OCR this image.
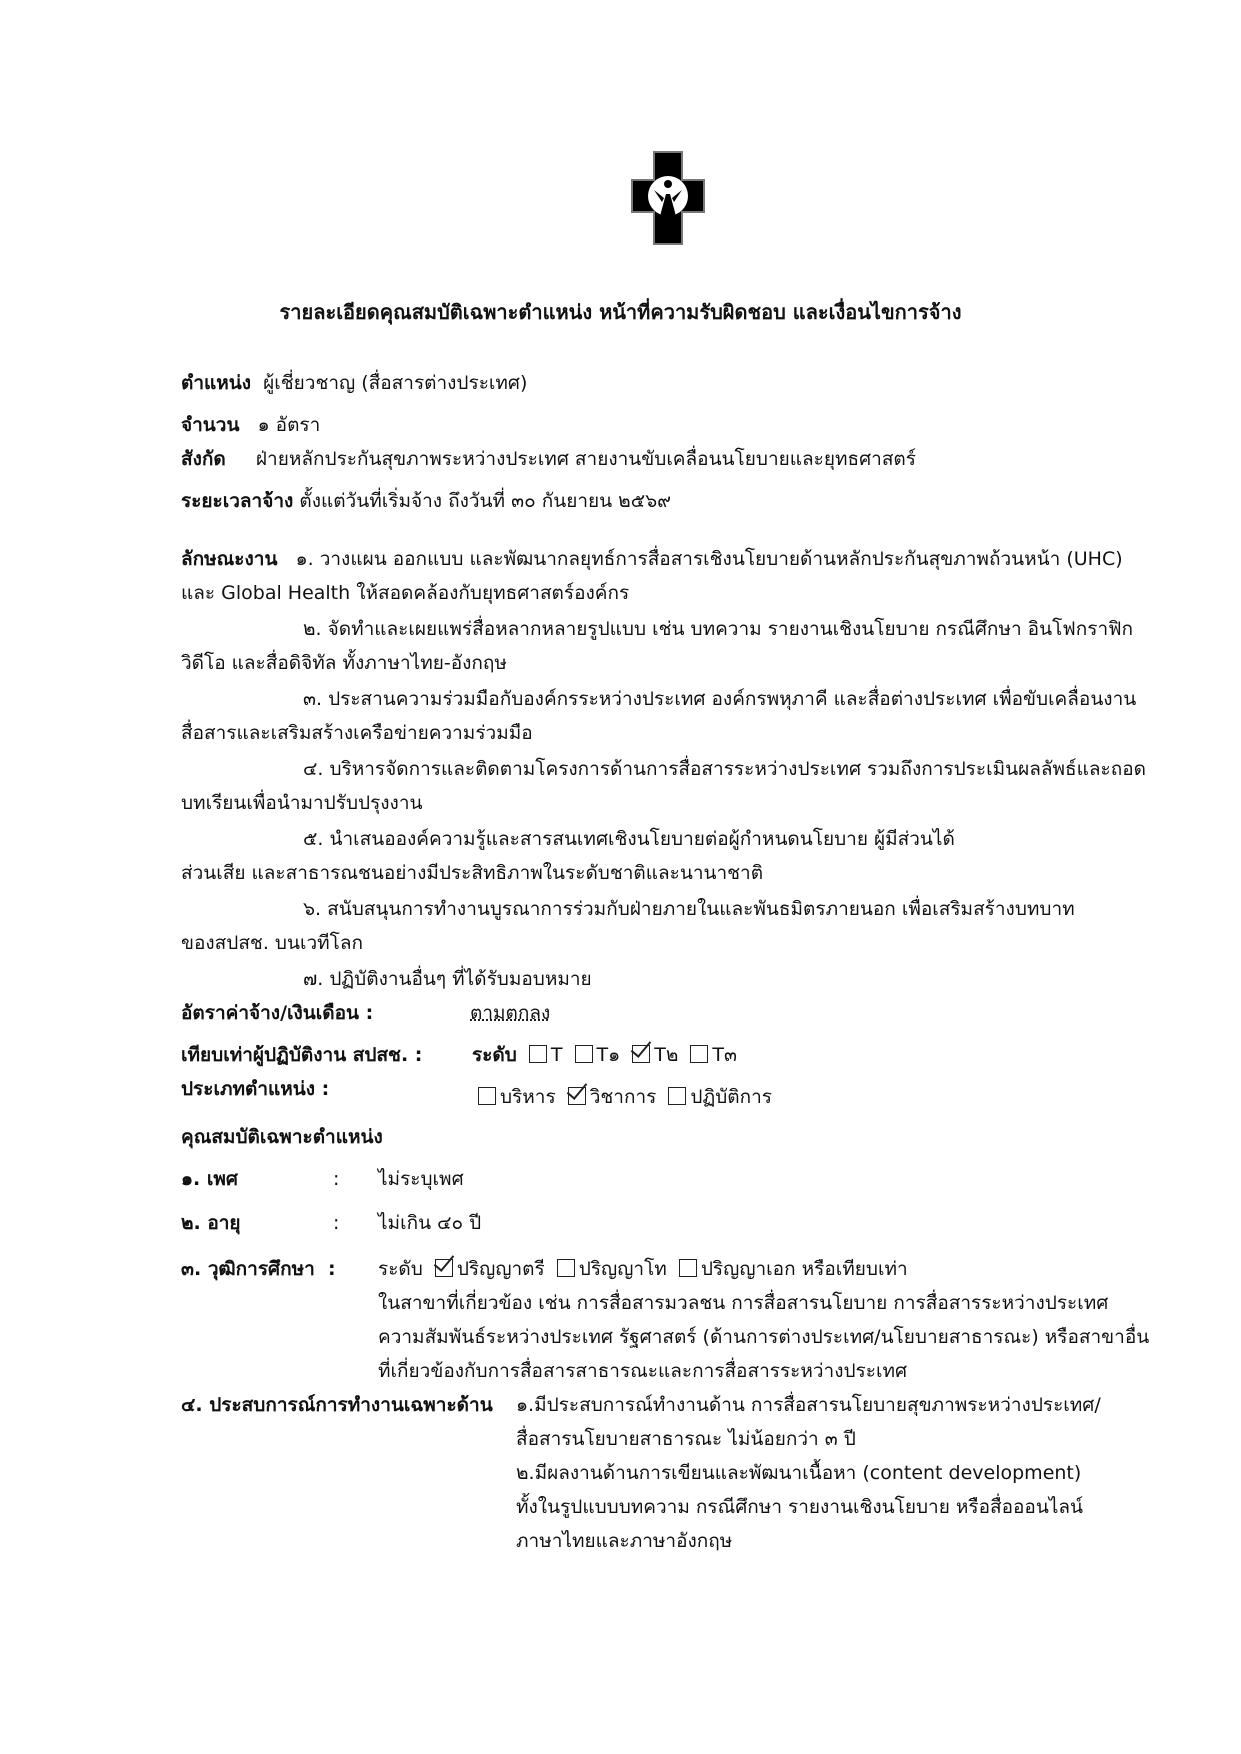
รายละเอียดคุณสมบัติเฉพาะตำแหน่ง หน้าที่ความรับผิดชอบ และเงื่อนไขการจ้าง
ตำแหน่ง ผู้เชี่ยวชาญ (สื่อสารต่างประเทศ)
จำนวน ๑ อัตรา
สังกัด ฝ่ายหลักประกันสุขภาพระหว่างประเทศ สายงานขับเคลื่อนนโยบายและยุทธศาสตร์
ระยะเวลาจ้าง ตั้งแต่วันที่เริ่มจ้าง ถึงวันที่ ๓๐ กันยายน ๒๕๖๙
ลักษณะงาน ๑. วางแผน ออกแบบ และพัฒนากลยุทธ์การสื่อสารเชิงนโยบายด้านหลักประกันสุขภาพถ้วนหน้า (UHC)
และ Global Health ให้สอดคล้องกับยุทธศาสตร์องค์กร
๒. จัดทำและเผยแพร่สื่อหลากหลายรูปแบบ เช่น บทความ รายงานเชิงนโยบาย กรณีศึกษา อินโฟกราฟิก
วิดีโอ และสื่อดิจิทัล ทั้งภาษาไทย-อังกฤษ
๓. ประสานความร่วมมือกับองค์กรระหว่างประเทศ องค์กรพหุภาคี และสื่อต่างประเทศ เพื่อขับเคลื่อนงาน
สื่อสารและเสริมสร้างเครือข่ายความร่วมมือ
๔. บริหารจัดการและติดตามโครงการด้านการสื่อสารระหว่างประเทศ รวมถึงการประเมินผลลัพธ์และถอด
บทเรียนเพื่อนำมาปรับปรุงงาน
๕. นำเสนอองค์ความรู้และสารสนเทศเชิงนโยบายต่อผู้กำหนดนโยบาย ผู้มีส่วนได้
ส่วนเสีย และสาธารณชนอย่างมีประสิทธิภาพในระดับชาติและนานาชาติ
๖. สนับสนุนการทำงานบูรณาการร่วมกับฝ่ายภายในและพันธมิตรภายนอก เพื่อเสริมสร้างบทบาท
ของสปสช. บนเวทีโลก
๗. ปฏิบัติงานอื่นๆ ที่ได้รับมอบหมาย
อัตราค่าจ้าง/เงินเดือน :	ตามตกลง
เทียบเท่าผู้ปฏิบัติงาน สปสช. :	ระดับ T T๑ T๒ T๓
ประเภทตำแหน่ง :	บริหาร วิชาการ ปฏิบัติการ
คุณสมบัติเฉพาะตำแหน่ง
๑. เพศ	: ไม่ระบุเพศ
๒. อายุ	: ไม่เกิน ๔๐ ปี
๓. วุฒิการศึกษา : ระดับ ปริญญาตรี ปริญญาโท ปริญญาเอก หรือเทียบเท่า
ในสาขาที่เกี่ยวข้อง เช่น การสื่อสารมวลชน การสื่อสารนโยบาย การสื่อสารระหว่างประเทศ
ความสัมพันธ์ระหว่างประเทศ รัฐศาสตร์ (ด้านการต่างประเทศ/นโยบายสาธารณะ) หรือสาขาอื่น
ที่เกี่ยวข้องกับการสื่อสารสาธารณะและการสื่อสารระหว่างประเทศ
๔. ประสบการณ์การทำงานเฉพาะด้าน ๑.มีประสบการณ์ทำงานด้าน การสื่อสารนโยบายสุขภาพระหว่างประเทศ/
สื่อสารนโยบายสาธารณะ ไม่น้อยกว่า ๓ ปี
๒.มีผลงานด้านการเขียนและพัฒนาเนื้อหา (content development)
ทั้งในรูปแบบบทความ กรณีศึกษา รายงานเชิงนโยบาย หรือสื่อออนไลน์
ภาษาไทยและภาษาอังกฤษ
